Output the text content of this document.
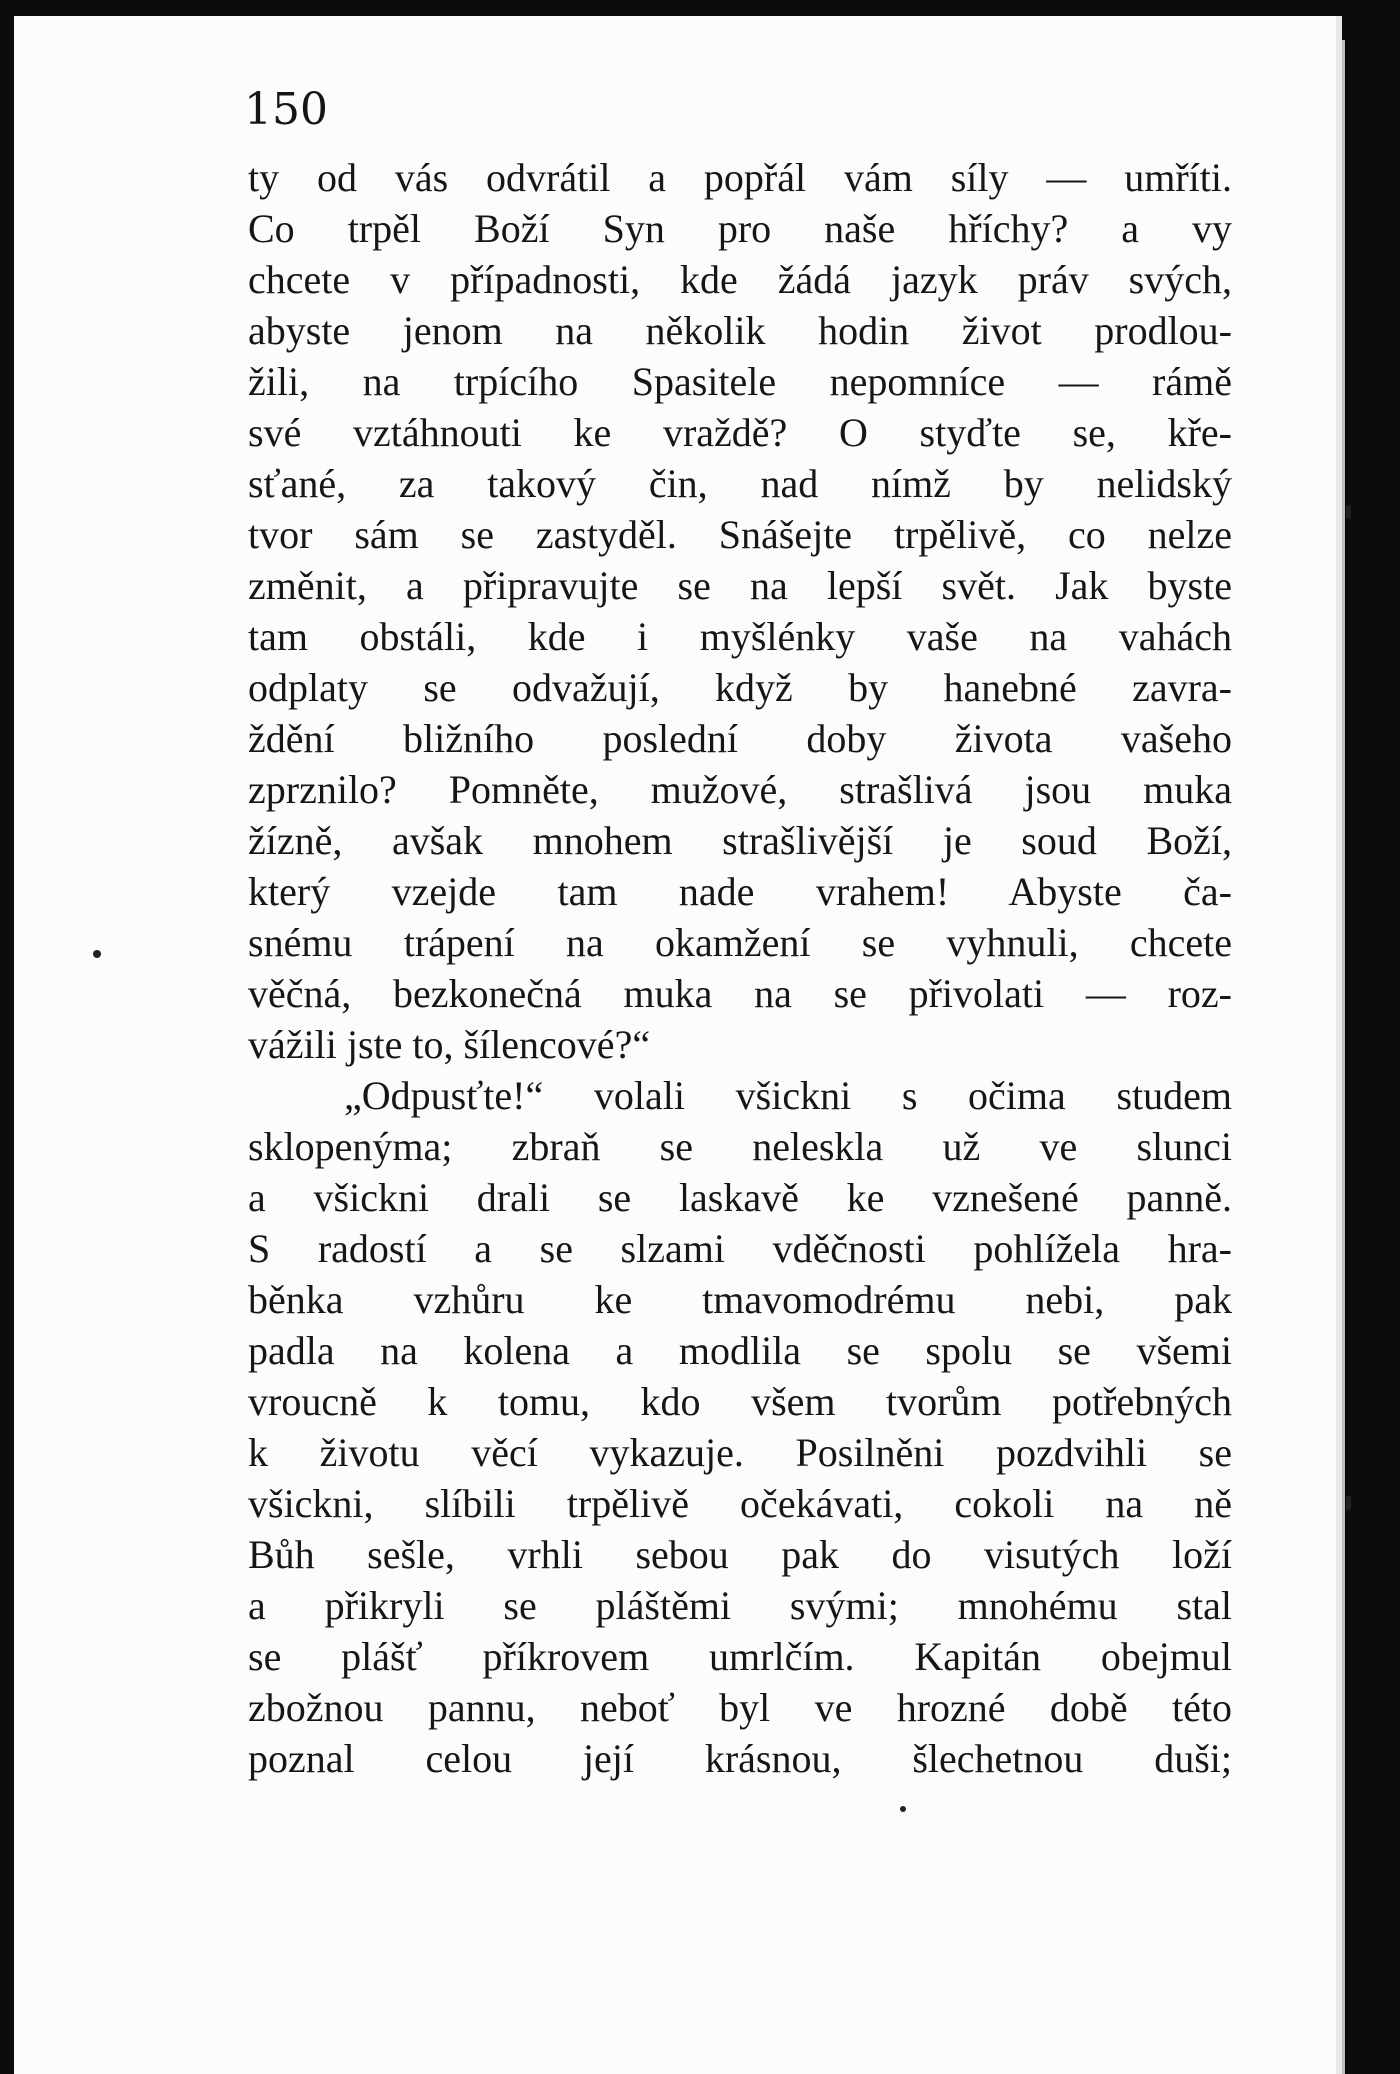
150
ty od vás odvrátil a popřál vám síly — umříti.
Co trpěl Boží Syn pro naše hříchy? a vy
chcete v případnosti, kde žádá jazyk práv svých,
abyste jenom na několik hodin život prodlou-
žili, na trpícího Spasitele nepomníce — rámě
své vztáhnouti ke vraždě? O styďte se, kře-
sťané, za takový čin, nad nímž by nelidský
tvor sám se zastyděl. Snášejte trpělivě, co nelze
změnit, a připravujte se na lepší svět. Jak byste
tam obstáli, kde i myšlénky vaše na vahách
odplaty se odvažují, když by hanebné zavra-
ždění bližního poslední doby života vašeho
zprznilo? Pomněte, mužové, strašlivá jsou muka
žízně, avšak mnohem strašlivější je soud Boží,
který vzejde tam nade vrahem! Abyste ča-
snému trápení na okamžení se vyhnuli, chcete
věčná, bezkonečná muka na se přivolati — roz-
vážili jste to, šílencové?“
„Odpusťte!“ volali všickni s očima studem
sklopenýma; zbraň se neleskla už ve slunci
a všickni drali se laskavě ke vznešené panně.
S radostí a se slzami vděčnosti pohlížela hra-
běnka vzhůru ke tmavomodrému nebi, pak
padla na kolena a modlila se spolu se všemi
vroucně k tomu, kdo všem tvorům potřebných
k životu věcí vykazuje. Posilněni pozdvihli se
všickni, slíbili trpělivě očekávati, cokoli na ně
Bůh sešle, vrhli sebou pak do visutých loží
a přikryli se pláštěmi svými; mnohému stal
se plášť příkrovem umrlčím. Kapitán obejmul
zbožnou pannu, neboť byl ve hrozné době této
poznal celou její krásnou, šlechetnou duši;
